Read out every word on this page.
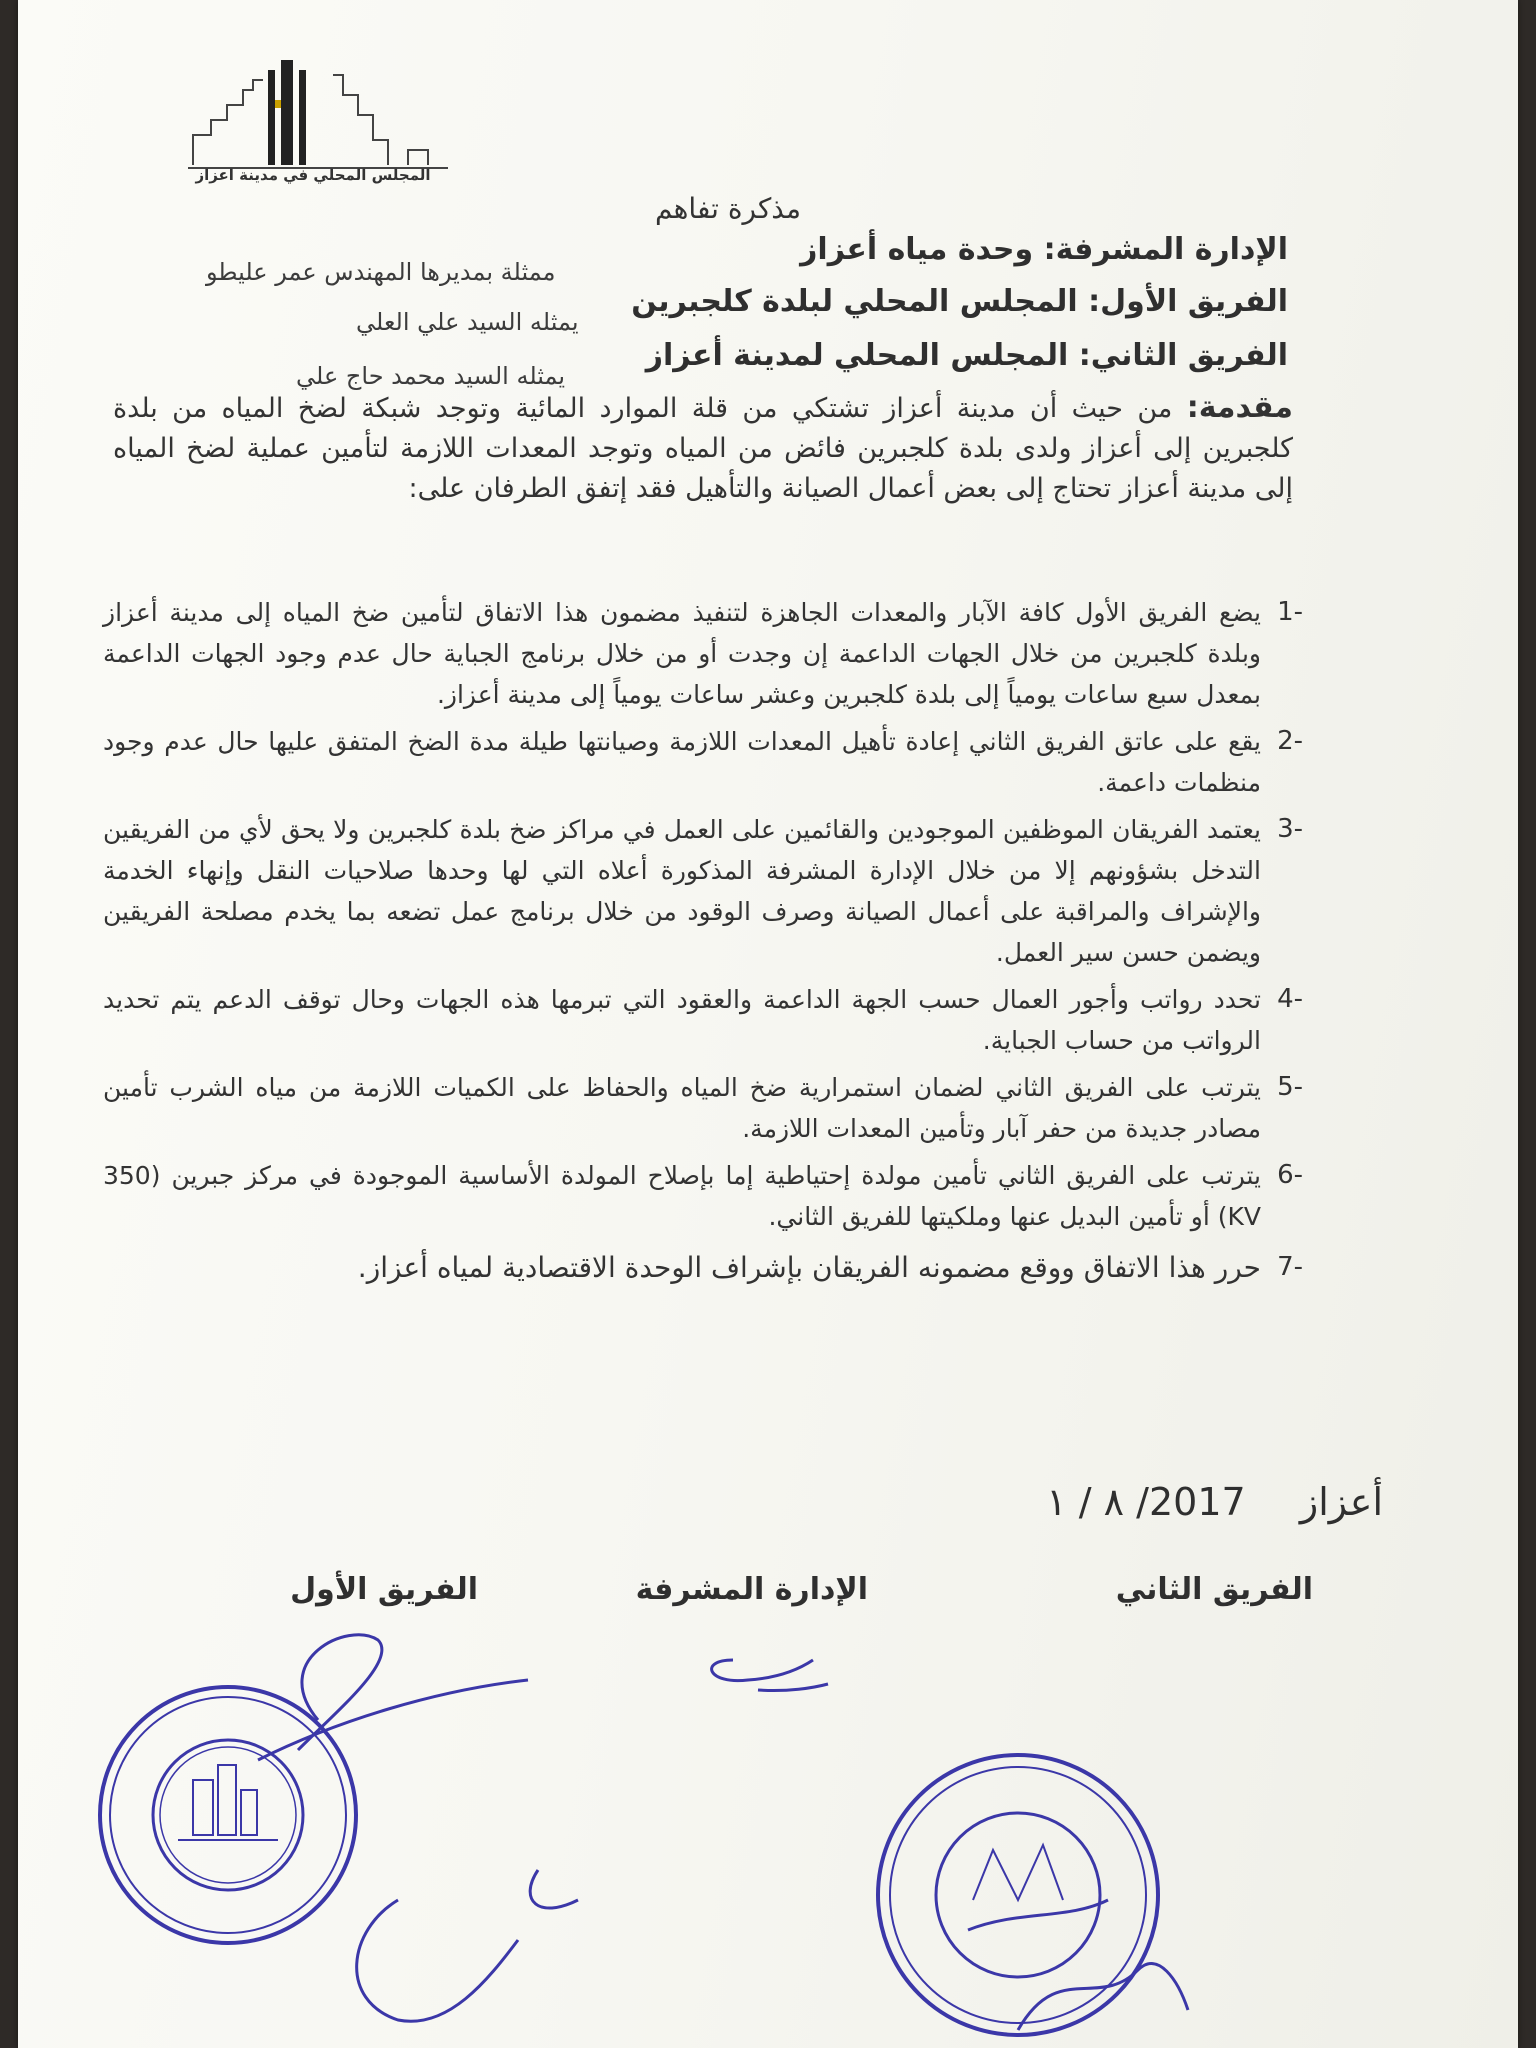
المجلس المحلي في مدينة اعزاز
مذكرة تفاهم
الإدارة المشرفة: وحدة مياه أعزاز
ممثلة بمديرها المهندس عمر عليطو
الفريق الأول: المجلس المحلي لبلدة كلجبرين
يمثله السيد علي العلي
الفريق الثاني: المجلس المحلي لمدينة أعزاز
يمثله السيد محمد حاج علي
مقدمة: من حيث أن مدينة أعزاز تشتكي من قلة الموارد المائية وتوجد شبكة لضخ المياه من بلدة كلجبرين إلى أعزاز ولدى بلدة كلجبرين فائض من المياه وتوجد المعدات اللازمة لتأمين عملية لضخ المياه إلى مدينة أعزاز تحتاج إلى بعض أعمال الصيانة والتأهيل فقد إتفق الطرفان على:
-1
يضع الفريق الأول كافة الآبار والمعدات الجاهزة لتنفيذ مضمون هذا الاتفاق لتأمين ضخ المياه إلى مدينة أعزاز وبلدة كلجبرين من خلال الجهات الداعمة إن وجدت أو من خلال برنامج الجباية حال عدم وجود الجهات الداعمة بمعدل سبع ساعات يومياً إلى بلدة كلجبرين وعشر ساعات يومياً إلى مدينة أعزاز.
-2
يقع على عاتق الفريق الثاني إعادة تأهيل المعدات اللازمة وصيانتها طيلة مدة الضخ المتفق عليها حال عدم وجود منظمات داعمة.
-3
يعتمد الفريقان الموظفين الموجودين والقائمين على العمل في مراكز ضخ بلدة كلجبرين ولا يحق لأي من الفريقين التدخل بشؤونهم إلا من خلال الإدارة المشرفة المذكورة أعلاه التي لها وحدها صلاحيات النقل وإنهاء الخدمة والإشراف والمراقبة على أعمال الصيانة وصرف الوقود من خلال برنامج عمل تضعه بما يخدم مصلحة الفريقين ويضمن حسن سير العمل.
-4
تحدد رواتب وأجور العمال حسب الجهة الداعمة والعقود التي تبرمها هذه الجهات وحال توقف الدعم يتم تحديد الرواتب من حساب الجباية.
-5
يترتب على الفريق الثاني لضمان استمرارية ضخ المياه والحفاظ على الكميات اللازمة من مياه الشرب تأمين مصادر جديدة من حفر آبار وتأمين المعدات اللازمة.
-6
يترتب على الفريق الثاني تأمين مولدة إحتياطية إما بإصلاح المولدة الأساسية الموجودة في مركز جبرين (350 KV) أو تأمين البديل عنها وملكيتها للفريق الثاني.
-7
حرر هذا الاتفاق ووقع مضمونه الفريقان بإشراف الوحدة الاقتصادية لمياه أعزاز.
أعزاز  2017/ ٨ / ١
الفريق الثاني
الإدارة المشرفة
الفريق الأول
